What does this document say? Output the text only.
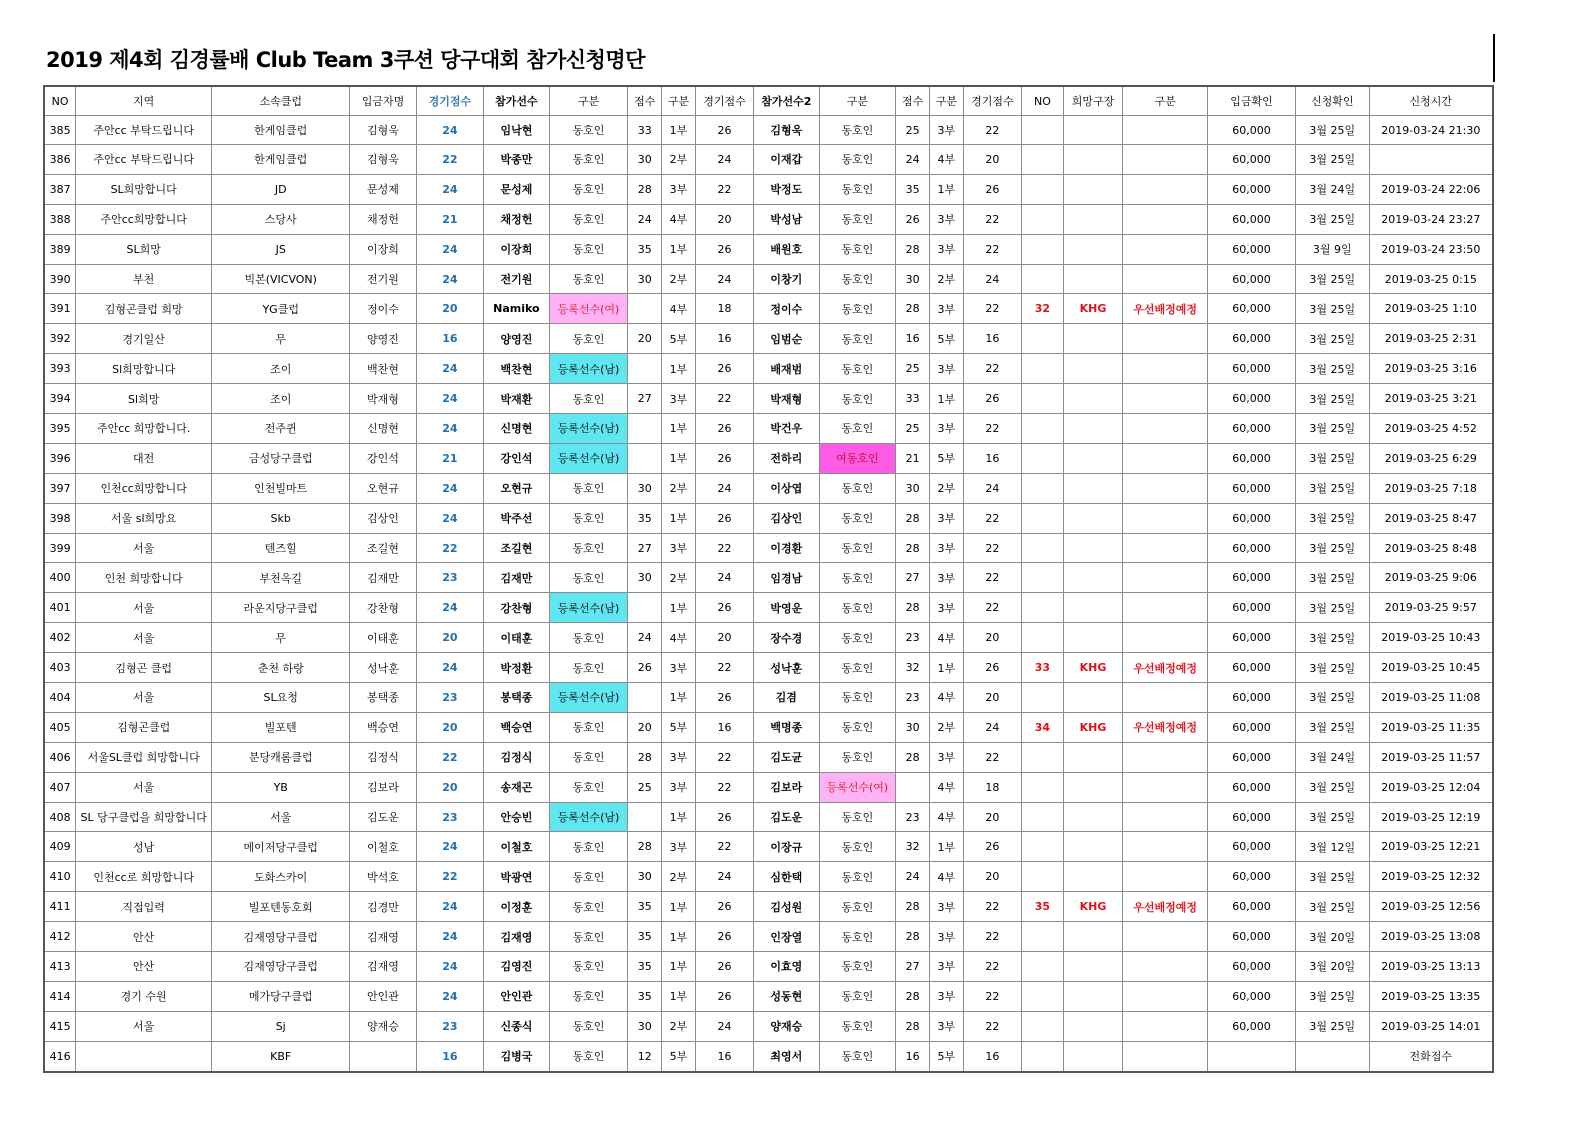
2019 제4회 김경률배 Club Team 3쿠션 당구대회 참가신청명단
NO	지역	소속클럽	입금자명	경기점수	참가선수	구분	점수	구분	경기점수	참가선수2	구분	점수	구분	경기점수	NO	희망구장	구분	입금확인	신청확인	신청시간
385	주안cc 부탁드립니다	한게임클럽	김형욱	24	임낙현	동호인	33	1부	26	김형욱	동호인	25	3부	22				60,000	3월 25일	2019-03-24 21:30
386	주안cc 부탁드립니다	한게임클럽	김형욱	22	박종만	동호인	30	2부	24	이재갑	동호인	24	4부	20				60,000	3월 25일	
387	SL희망합니다	JD	문성제	24	문성제	동호인	28	3부	22	박정도	동호인	35	1부	26				60,000	3월 24일	2019-03-24 22:06
388	주안cc희망합니다	스당사	채정헌	21	채정헌	동호인	24	4부	20	박성남	동호인	26	3부	22				60,000	3월 25일	2019-03-24 23:27
389	SL희망	JS	이장희	24	이장희	동호인	35	1부	26	배원호	동호인	28	3부	22				60,000	3월 9일	2019-03-24 23:50
390	부천	빅본(VICVON)	전기원	24	전기원	동호인	30	2부	24	이창기	동호인	30	2부	24				60,000	3월 25일	2019-03-25 0:15
391	김형곤클럽 희망	YG클럽	정이수	20	Namiko	등록선수(여)		4부	18	정이수	동호인	28	3부	22	32	KHG	우선배정예정	60,000	3월 25일	2019-03-25 1:10
392	경기일산	무	양영진	16	양영진	동호인	20	5부	16	임범순	동호인	16	5부	16				60,000	3월 25일	2019-03-25 2:31
393	Sl희망합니다	조이	백찬현	24	백찬현	등록선수(남)		1부	26	배재범	동호인	25	3부	22				60,000	3월 25일	2019-03-25 3:16
394	Sl희망	조이	박재형	24	박재환	동호인	27	3부	22	박재형	동호인	33	1부	26				60,000	3월 25일	2019-03-25 3:21
395	주안cc 희망합니다.	전주퀸	신명현	24	신명현	등록선수(남)		1부	26	박건우	동호인	25	3부	22				60,000	3월 25일	2019-03-25 4:52
396	대전	금성당구클럽	강인석	21	강인석	등록선수(남)		1부	26	전하리	여동호인	21	5부	16				60,000	3월 25일	2019-03-25 6:29
397	인천cc희망합니다	인천빌마트	오현규	24	오현규	동호인	30	2부	24	이상엽	동호인	30	2부	24				60,000	3월 25일	2019-03-25 7:18
398	서울 sl희망요	Skb	김상인	24	박주선	동호인	35	1부	26	김상인	동호인	28	3부	22				60,000	3월 25일	2019-03-25 8:47
399	서울	텐즈힐	조길현	22	조길현	동호인	27	3부	22	이경환	동호인	28	3부	22				60,000	3월 25일	2019-03-25 8:48
400	인천 희망합니다	부천옥길	김재만	23	김재만	동호인	30	2부	24	임경남	동호인	27	3부	22				60,000	3월 25일	2019-03-25 9:06
401	서울	라운지당구클럽	강찬형	24	강찬형	등록선수(남)		1부	26	박영운	동호인	28	3부	22				60,000	3월 25일	2019-03-25 9:57
402	서울	무	이태훈	20	이태훈	동호인	24	4부	20	장수경	동호인	23	4부	20				60,000	3월 25일	2019-03-25 10:43
403	김형곤 클럽	춘천 하랑	성낙훈	24	박정환	동호인	26	3부	22	성낙훈	동호인	32	1부	26	33	KHG	우선배정예정	60,000	3월 25일	2019-03-25 10:45
404	서울	SL요청	봉택종	23	봉택종	등록선수(남)		1부	26	김겸	동호인	23	4부	20				60,000	3월 25일	2019-03-25 11:08
405	김형곤클럽	빌포텐	백승연	20	백승연	동호인	20	5부	16	백명종	동호인	30	2부	24	34	KHG	우선배정예정	60,000	3월 25일	2019-03-25 11:35
406	서울SL클럽 희망합니다	분당캐롬클럽	김정식	22	김정식	동호인	28	3부	22	김도균	동호인	28	3부	22				60,000	3월 24일	2019-03-25 11:57
407	서울	YB	김보라	20	송재곤	동호인	25	3부	22	김보라	등록선수(여)		4부	18				60,000	3월 25일	2019-03-25 12:04
408	SL 당구클럽을 희망합니다	서울	김도운	23	안승빈	등록선수(남)		1부	26	김도운	동호인	23	4부	20				60,000	3월 25일	2019-03-25 12:19
409	성남	메이저당구클럽	이철호	24	이철호	동호인	28	3부	22	이장규	동호인	32	1부	26				60,000	3월 12일	2019-03-25 12:21
410	인천cc로 희망합니다	도화스카이	박석호	22	박광연	동호인	30	2부	24	심한택	동호인	24	4부	20				60,000	3월 25일	2019-03-25 12:32
411	직접입력	빌포텐동호회	김경만	24	이정훈	동호인	35	1부	26	김성원	동호인	28	3부	22	35	KHG	우선배정예정	60,000	3월 25일	2019-03-25 12:56
412	안산	김재영당구클럽	김재영	24	김재영	동호인	35	1부	26	인장열	동호인	28	3부	22				60,000	3월 20일	2019-03-25 13:08
413	안산	김재영당구클럽	김재영	24	김영진	동호인	35	1부	26	이효영	동호인	27	3부	22				60,000	3월 20일	2019-03-25 13:13
414	경기 수원	메가당구클럽	안인관	24	안인관	동호인	35	1부	26	성동현	동호인	28	3부	22				60,000	3월 25일	2019-03-25 13:35
415	서울	Sj	양재승	23	신종식	동호인	30	2부	24	양재승	동호인	28	3부	22				60,000	3월 25일	2019-03-25 14:01
416		KBF		16	김병국	동호인	12	5부	16	최영서	동호인	16	5부	16						전화접수
